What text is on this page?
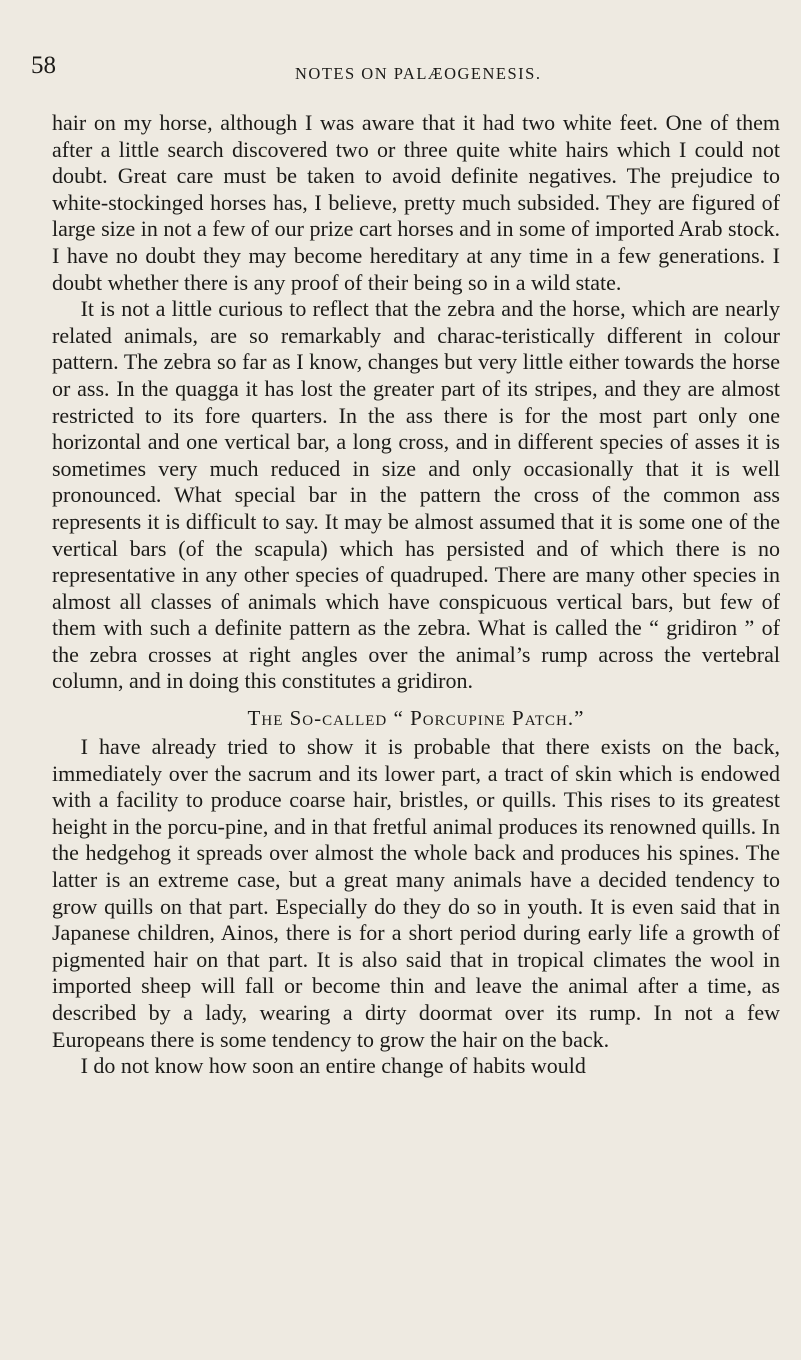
58	NOTES ON PALÆOGENESIS.

hair on my horse, although I was aware that it had two white feet. One of them after a little search discovered two or three quite white hairs which I could not doubt. Great care must be taken to avoid definite negatives. The prejudice to white-stockinged horses has, I believe, pretty much subsided. They are figured of large size in not a few of our prize cart horses and in some of imported Arab stock. I have no doubt they may become hereditary at any time in a few generations. I doubt whether there is any proof of their being so in a wild state.

It is not a little curious to reflect that the zebra and the horse, which are nearly related animals, are so remarkably and charac-teristically different in colour pattern. The zebra so far as I know, changes but very little either towards the horse or ass. In the quagga it has lost the greater part of its stripes, and they are almost restricted to its fore quarters. In the ass there is for the most part only one horizontal and one vertical bar, a long cross, and in different species of asses it is sometimes very much reduced in size and only occasionally that it is well pronounced. What special bar in the pattern the cross of the common ass represents it is difficult to say. It may be almost assumed that it is some one of the vertical bars (of the scapula) which has persisted and of which there is no representative in any other species of quadruped. There are many other species in almost all classes of animals which have conspicuous vertical bars, but few of them with such a definite pattern as the zebra. What is called the “ gridiron ” of the zebra crosses at right angles over the animal’s rump across the vertebral column, and in doing this constitutes a gridiron.

The So-called “ Porcupine Patch.”

I have already tried to show it is probable that there exists on the back, immediately over the sacrum and its lower part, a tract of skin which is endowed with a facility to produce coarse hair, bristles, or quills. This rises to its greatest height in the porcu-pine, and in that fretful animal produces its renowned quills. In the hedgehog it spreads over almost the whole back and produces his spines. The latter is an extreme case, but a great many animals have a decided tendency to grow quills on that part. Especially do they do so in youth. It is even said that in Japanese children, Ainos, there is for a short period during early life a growth of pigmented hair on that part. It is also said that in tropical climates the wool in imported sheep will fall or become thin and leave the animal after a time, as described by a lady, wearing a dirty doormat over its rump. In not a few Europeans there is some tendency to grow the hair on the back.

I do not know how soon an entire change of habits would
